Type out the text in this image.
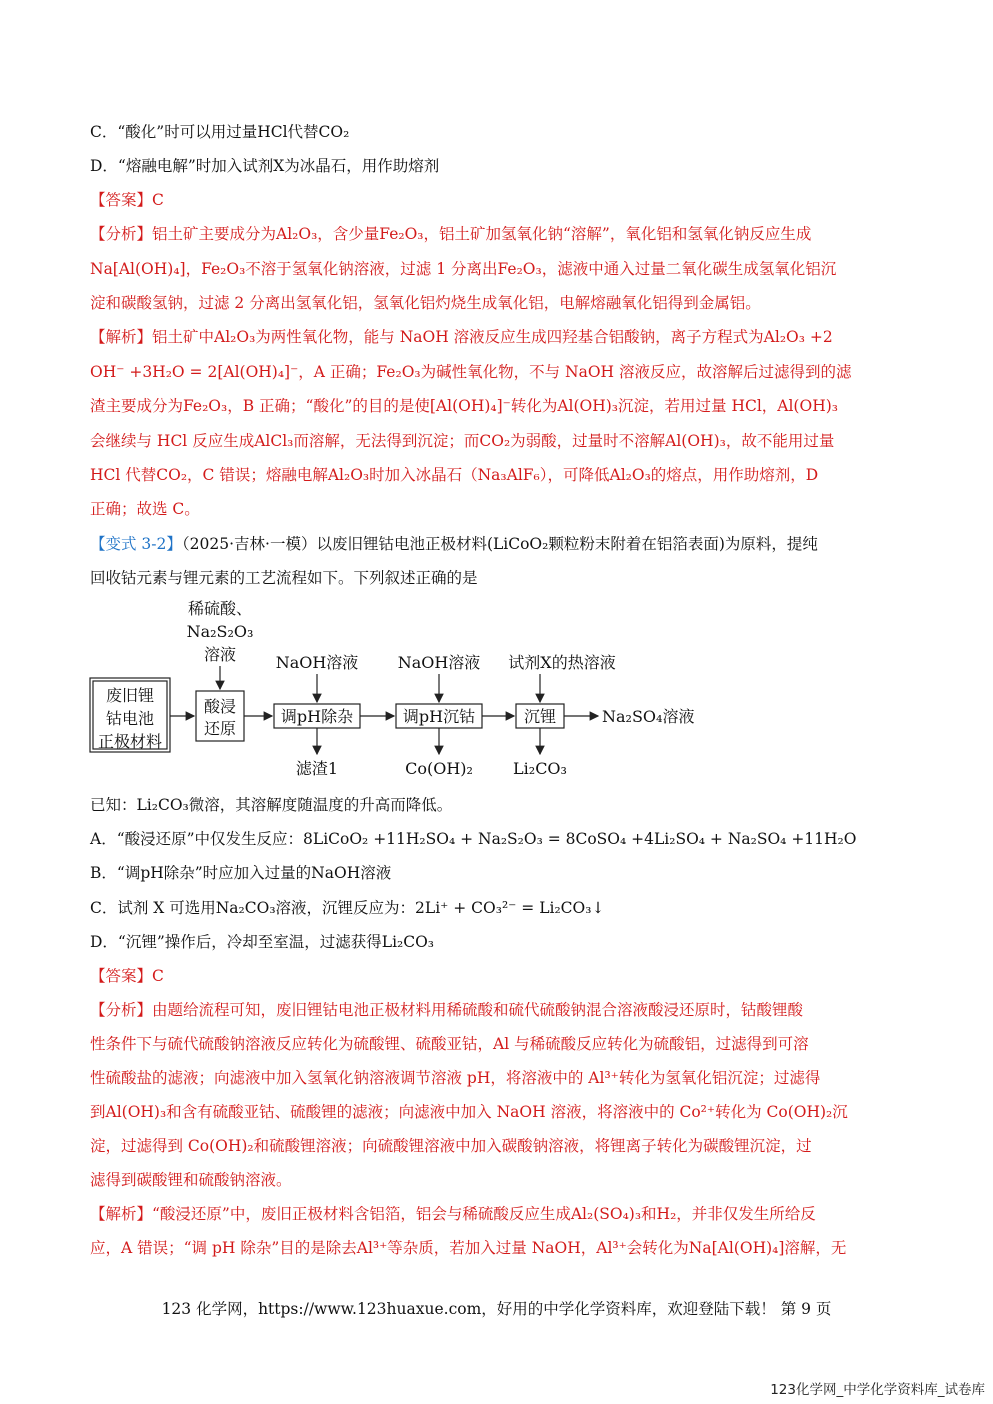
C．“酸化”时可以用过量HCl代替CO₂
D．“熔融电解”时加入试剂X为冰晶石，用作助熔剂
【答案】C
【分析】铝土矿主要成分为Al₂O₃，含少量Fe₂O₃，铝土矿加氢氧化钠“溶解”，氧化铝和氢氧化钠反应生成
Na[Al(OH)₄]，Fe₂O₃不溶于氢氧化钠溶液，过滤 1 分离出Fe₂O₃，滤液中通入过量二氧化碳生成氢氧化铝沉
淀和碳酸氢钠，过滤 2 分离出氢氧化铝，氢氧化铝灼烧生成氧化铝，电解熔融氧化铝得到金属铝。
【解析】铝土矿中Al₂O₃为两性氧化物，能与 NaOH 溶液反应生成四羟基合铝酸钠，离子方程式为Al₂O₃ +2
OH⁻ +3H₂O = 2[Al(OH)₄]⁻，A 正确；Fe₂O₃为碱性氧化物，不与 NaOH 溶液反应，故溶解后过滤得到的滤
渣主要成分为Fe₂O₃，B 正确；“酸化”的目的是使[Al(OH)₄]⁻转化为Al(OH)₃沉淀，若用过量 HCl，Al(OH)₃
会继续与 HCl 反应生成AlCl₃而溶解，无法得到沉淀；而CO₂为弱酸，过量时不溶解Al(OH)₃，故不能用过量
HCl 代替CO₂，C 错误；熔融电解Al₂O₃时加入冰晶石（Na₃AlF₆），可降低Al₂O₃的熔点，用作助熔剂，D
正确；故选 C。
回收钴元素与锂元素的工艺流程如下。下列叙述正确的是
已知：Li₂CO₃微溶，其溶解度随温度的升高而降低。
A．“酸浸还原”中仅发生反应：8LiCoO₂ +11H₂SO₄ + Na₂S₂O₃ = 8CoSO₄ +4Li₂SO₄ + Na₂SO₄ +11H₂O
B．“调pH除杂”时应加入过量的NaOH溶液
C．试剂 X 可选用Na₂CO₃溶液，沉锂反应为：2Li⁺ + CO₃²⁻ = Li₂CO₃↓
D．“沉锂”操作后，冷却至室温，过滤获得Li₂CO₃
【答案】C
【分析】由题给流程可知，废旧锂钴电池正极材料用稀硫酸和硫代硫酸钠混合溶液酸浸还原时，钴酸锂酸
性条件下与硫代硫酸钠溶液反应转化为硫酸锂、硫酸亚钴，Al 与稀硫酸反应转化为硫酸铝，过滤得到可溶
性硫酸盐的滤液；向滤液中加入氢氧化钠溶液调节溶液 pH，将溶液中的 Al³⁺转化为氢氧化铝沉淀；过滤得
到Al(OH)₃和含有硫酸亚钴、硫酸锂的滤液；向滤液中加入 NaOH 溶液，将溶液中的 Co²⁺转化为 Co(OH)₂沉
淀，过滤得到 Co(OH)₂和硫酸锂溶液；向硫酸锂溶液中加入碳酸钠溶液，将锂离子转化为碳酸锂沉淀，过
滤得到碳酸锂和硫酸钠溶液。
【解析】“酸浸还原”中，废旧正极材料含铝箔，铝会与稀硫酸反应生成Al₂(SO₄)₃和H₂，并非仅发生所给反
应，A 错误；“调 pH 除杂”目的是除去Al³⁺等杂质，若加入过量 NaOH，Al³⁺会转化为Na[Al(OH)₄]溶解，无
【变式 3-2】（2025·吉林·一模）以废旧锂钴电池正极材料(LiCoO₂颗粒粉末附着在铝箔表面)为原料，提纯
废旧锂
钴电池
正极材料
酸浸
还原
稀硫酸、
Na₂S₂O₃
溶液
调pH除杂
NaOH溶液
滤渣1
调pH沉钴
NaOH溶液
Co(OH)₂
沉锂
试剂X的热溶液
Li₂CO₃
Na₂SO₄溶液
123 化学网，https://www.123huaxue.com，好用的中学化学资料库，欢迎登陆下载！ 第 9 页
123化学网_中学化学资料库_试卷库
